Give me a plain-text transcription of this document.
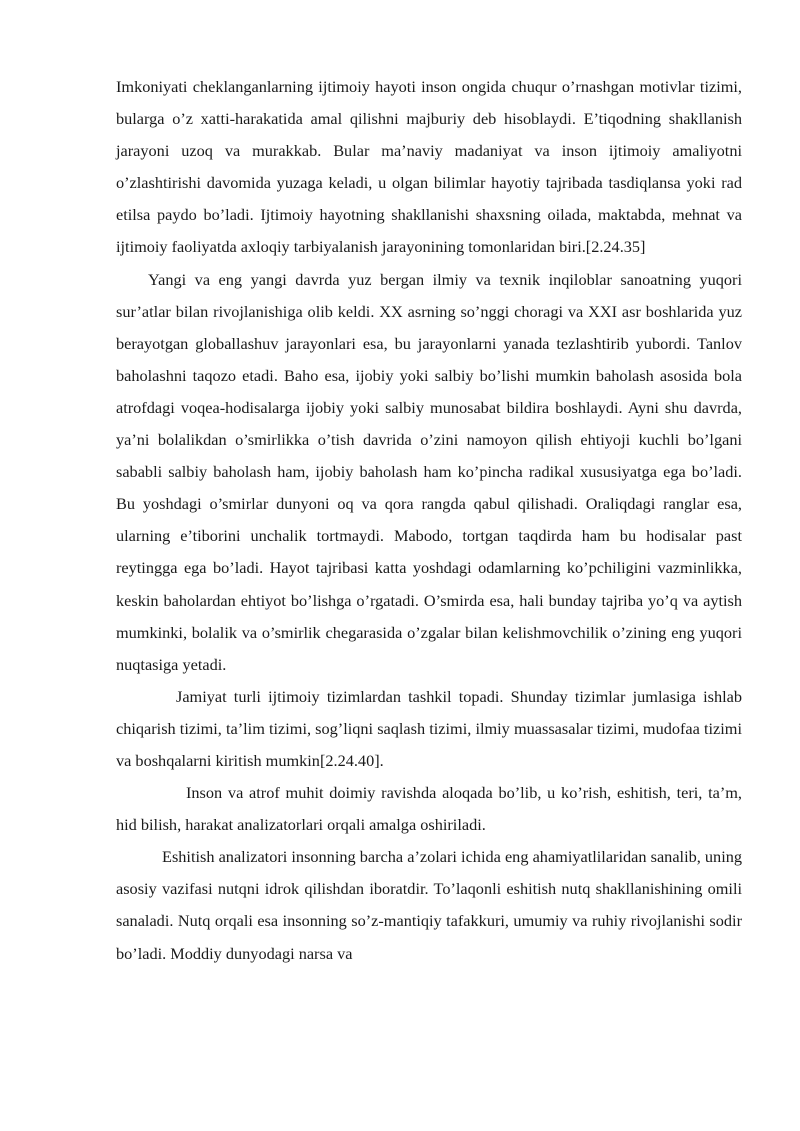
Imkoniyati cheklanganlarning ijtimoiy hayoti inson ongida chuqur o’rnashgan motivlar tizimi, bularga o’z xatti-harakatida amal qilishni majburiy deb hisoblaydi. E’tiqodning shakllanish jarayoni uzoq va murakkab. Bular ma’naviy madaniyat va inson ijtimoiy amaliyotni o’zlashtirishi davomida yuzaga keladi, u olgan bilimlar hayotiy tajribada tasdiqlansa yoki rad etilsa paydo bo’ladi. Ijtimoiy hayotning shakllanishi shaxsning oilada, maktabda, mehnat va ijtimoiy faoliyatda axloqiy tarbiyalanish jarayonining tomonlaridan biri.[2.24.35]

Yangi va eng yangi davrda yuz bergan ilmiy va texnik inqiloblar sanoatning yuqori sur’atlar bilan rivojlanishiga olib keldi. XX asrning so’nggi choragi va XXI asr boshlarida yuz berayotgan globallashuv jarayonlari esa, bu jarayonlarni yanada tezlashtirib yubordi. Tanlov baholashni taqozo etadi. Baho esa, ijobiy yoki salbiy bo’lishi mumkin baholash asosida bola atrofdagi voqea-hodisalarga ijobiy yoki salbiy munosabat bildira boshlaydi. Ayni shu davrda, ya’ni bolalikdan o’smirlikka o’tish davrida o’zini namoyon qilish ehtiyoji kuchli bo’lgani sababli salbiy baholash ham, ijobiy baholash ham ko’pincha radikal xususiyatga ega bo’ladi. Bu yoshdagi o’smirlar dunyoni oq va qora rangda qabul qilishadi. Oraliqdagi ranglar esa, ularning e’tiborini unchalik tortmaydi. Mabodo, tortgan taqdirda ham bu hodisalar past reytingga ega bo’ladi. Hayot tajribasi katta yoshdagi odamlarning ko’pchiligini vazminlikka, keskin baholardan ehtiyot bo’lishga o’rgatadi. O’smirda esa, hali bunday tajriba yo’q va aytish mumkinki, bolalik va o’smirlik chegarasida o’zgalar bilan kelishmovchilik o’zining eng yuqori nuqtasiga yetadi.

Jamiyat turli ijtimoiy tizimlardan tashkil topadi. Shunday tizimlar jumlasiga ishlab chiqarish tizimi, ta’lim tizimi, sog’liqni saqlash tizimi, ilmiy muassasalar tizimi, mudofaa tizimi va boshqalarni kiritish mumkin[2.24.40].

Inson va atrof muhit doimiy ravishda aloqada bo’lib, u ko’rish, eshitish, teri, ta’m, hid bilish, harakat analizatorlari orqali amalga oshiriladi.

Eshitish analizatori insonning barcha a’zolari ichida eng ahamiyatlilaridan sanalib, uning asosiy vazifasi nutqni idrok qilishdan iboratdir. To’laqonli eshitish nutq shakllanishining omili sanaladi. Nutq orqali esa insonning so’z-mantiqiy tafakkuri, umumiy va ruhiy rivojlanishi sodir bo’ladi. Moddiy dunyodagi narsa va
